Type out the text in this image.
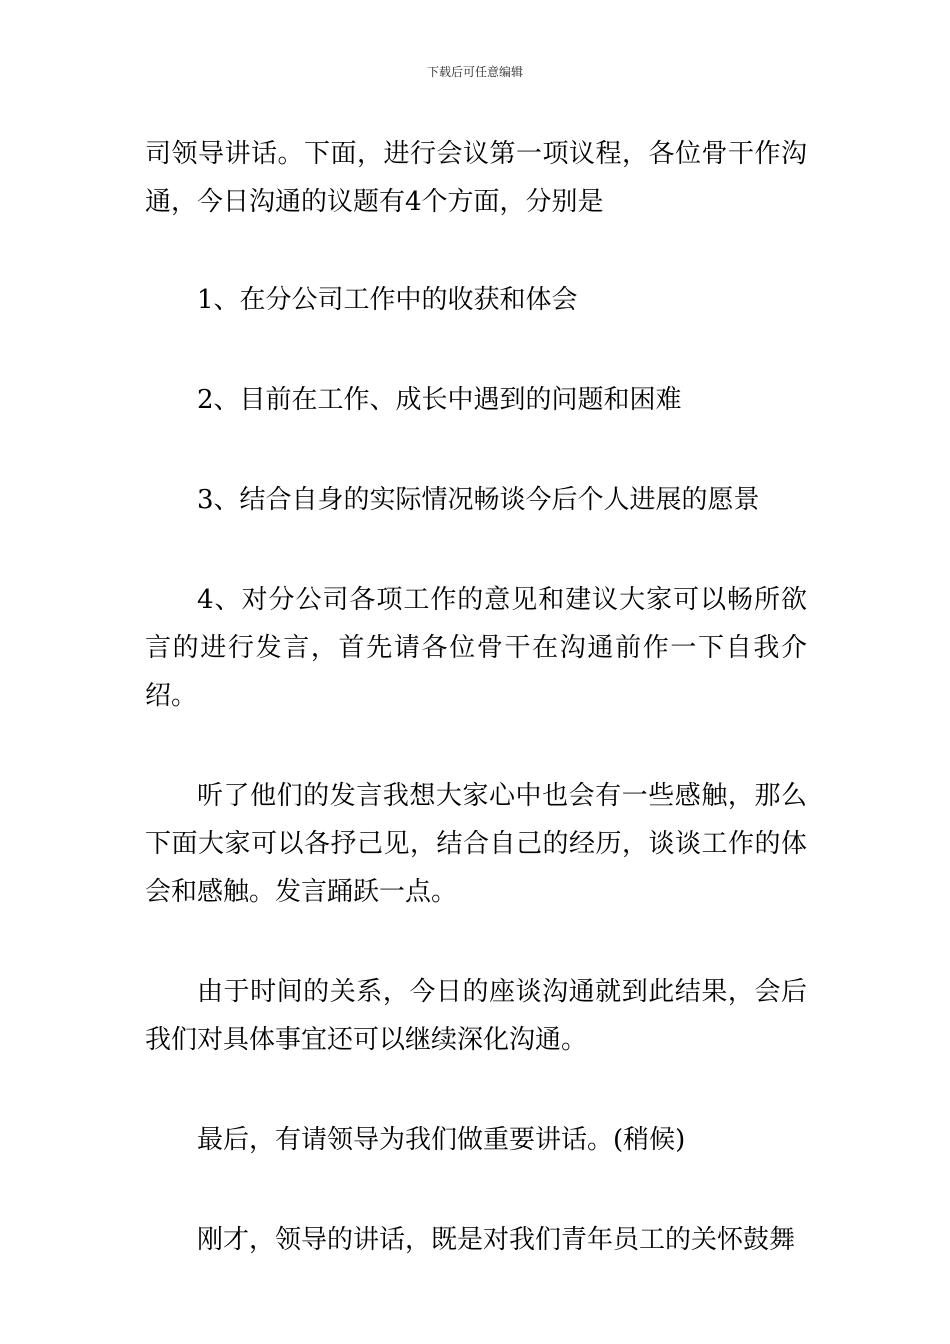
下载后可任意编辑

司领导讲话。下面，进行会议第一项议程，各位骨干作沟通，今日沟通的议题有4个方面，分别是

1、在分公司工作中的收获和体会

2、目前在工作、成长中遇到的问题和困难

3、结合自身的实际情况畅谈今后个人进展的愿景

4、对分公司各项工作的意见和建议大家可以畅所欲言的进行发言，首先请各位骨干在沟通前作一下自我介绍。

听了他们的发言我想大家心中也会有一些感触，那么下面大家可以各抒己见，结合自己的经历，谈谈工作的体会和感触。发言踊跃一点。

由于时间的关系，今日的座谈沟通就到此结果，会后我们对具体事宜还可以继续深化沟通。

最后，有请领导为我们做重要讲话。(稍候)

刚才，领导的讲话，既是对我们青年员工的关怀鼓舞
